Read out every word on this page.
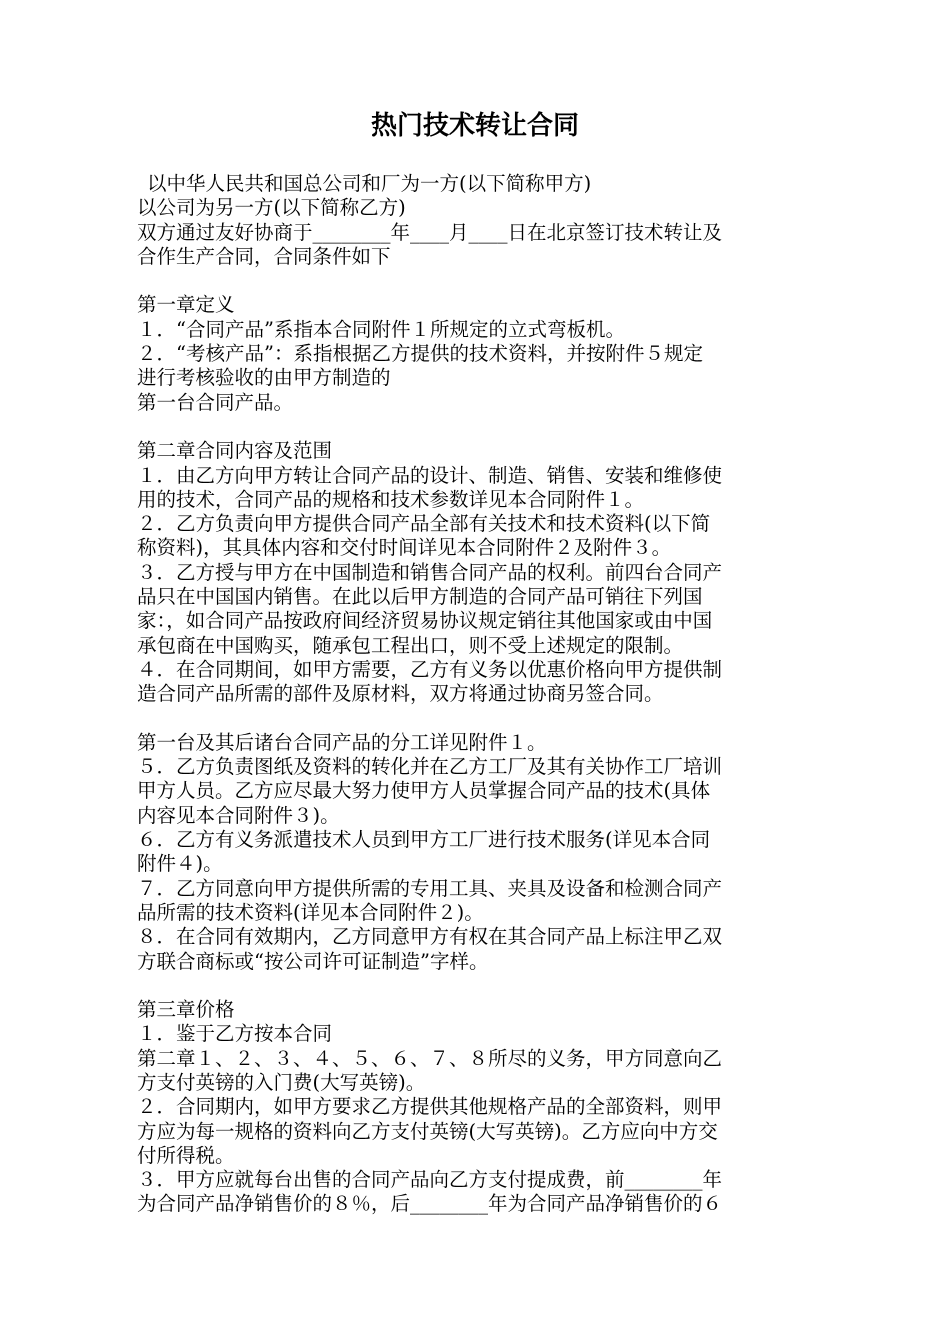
热门技术转让合同
以中华人民共和国总公司和厂为一方(以下简称甲方)
以公司为另一方(以下简称乙方)
双方通过友好协商于________年____月____日在北京签订技术转让及
合作生产合同，合同条件如下
第一章定义
１．“合同产品”系指本合同附件１所规定的立式弯板机。
２．“考核产品”：系指根据乙方提供的技术资料，并按附件５规定
进行考核验收的由甲方制造的
第一台合同产品。
第二章合同内容及范围
１．由乙方向甲方转让合同产品的设计、制造、销售、安装和维修使
用的技术，合同产品的规格和技术参数详见本合同附件１。
２．乙方负责向甲方提供合同产品全部有关技术和技术资料(以下简
称资料)，其具体内容和交付时间详见本合同附件２及附件３。
３．乙方授与甲方在中国制造和销售合同产品的权利。前四台合同产
品只在中国国内销售。在此以后甲方制造的合同产品可销往下列国
家：，如合同产品按政府间经济贸易协议规定销往其他国家或由中国
承包商在中国购买，随承包工程出口，则不受上述规定的限制。
４．在合同期间，如甲方需要，乙方有义务以优惠价格向甲方提供制
造合同产品所需的部件及原材料，双方将通过协商另签合同。
第一台及其后诸台合同产品的分工详见附件１。
５．乙方负责图纸及资料的转化并在乙方工厂及其有关协作工厂培训
甲方人员。乙方应尽最大努力使甲方人员掌握合同产品的技术(具体
内容见本合同附件３)。
６．乙方有义务派遣技术人员到甲方工厂进行技术服务(详见本合同
附件４)。
７．乙方同意向甲方提供所需的专用工具、夹具及设备和检测合同产
品所需的技术资料(详见本合同附件２)。
８．在合同有效期内，乙方同意甲方有权在其合同产品上标注甲乙双
方联合商标或“按公司许可证制造”字样。
第三章价格
１．鉴于乙方按本合同
第二章１、２、３、４、５、６、７、８所尽的义务，甲方同意向乙
方支付英镑的入门费(大写英镑)。
２．合同期内，如甲方要求乙方提供其他规格产品的全部资料，则甲
方应为每一规格的资料向乙方支付英镑(大写英镑)。乙方应向中方交
付所得税。
３．甲方应就每台出售的合同产品向乙方支付提成费，前________年
为合同产品净销售价的８％，后________年为合同产品净销售价的６
